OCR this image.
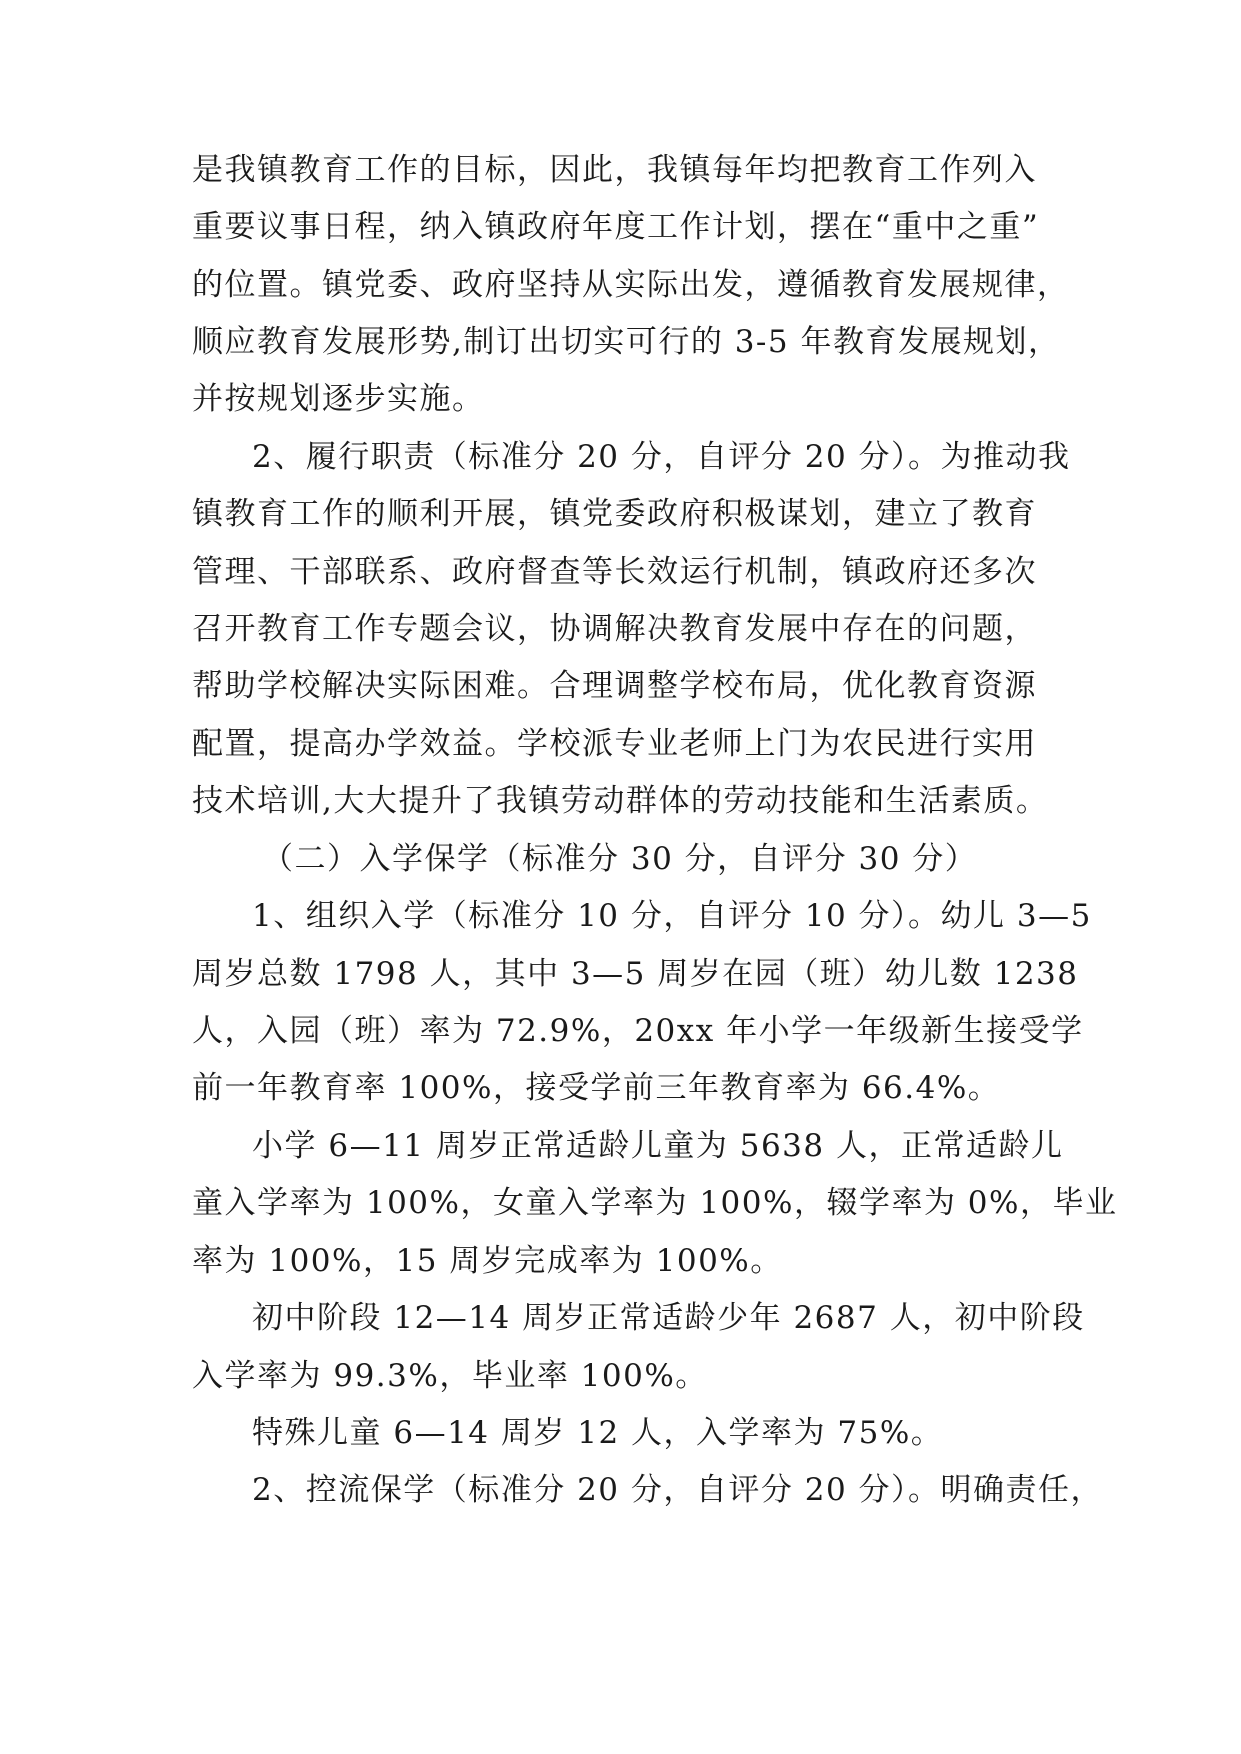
是我镇教育工作的目标，因此，我镇每年均把教育工作列入
重要议事日程，纳入镇政府年度工作计划，摆在“重中之重”
的位置。镇党委、政府坚持从实际出发，遵循教育发展规律，
顺应教育发展形势,制订出切实可行的 3-5 年教育发展规划，
并按规划逐步实施。
2、履行职责（标准分 20 分，自评分 20 分）。为推动我
镇教育工作的顺利开展，镇党委政府积极谋划，建立了教育
管理、干部联系、政府督查等长效运行机制，镇政府还多次
召开教育工作专题会议，协调解决教育发展中存在的问题，
帮助学校解决实际困难。合理调整学校布局，优化教育资源
配置，提高办学效益。学校派专业老师上门为农民进行实用
技术培训,大大提升了我镇劳动群体的劳动技能和生活素质。
（二）入学保学（标准分 30 分，自评分 30 分）
1、组织入学（标准分 10 分，自评分 10 分）。幼儿 3—5
周岁总数 1798 人，其中 3—5 周岁在园（班）幼儿数 1238
人，入园（班）率为 72.9%，20xx 年小学一年级新生接受学
前一年教育率 100%，接受学前三年教育率为 66.4%。
小学 6—11 周岁正常适龄儿童为 5638 人，正常适龄儿
童入学率为 100%，女童入学率为 100%，辍学率为 0%，毕业
率为 100%，15 周岁完成率为 100%。
初中阶段 12—14 周岁正常适龄少年 2687 人，初中阶段
入学率为 99.3%，毕业率 100%。
特殊儿童 6—14 周岁 12 人，入学率为 75%。
2、控流保学（标准分 20 分，自评分 20 分）。明确责任，
